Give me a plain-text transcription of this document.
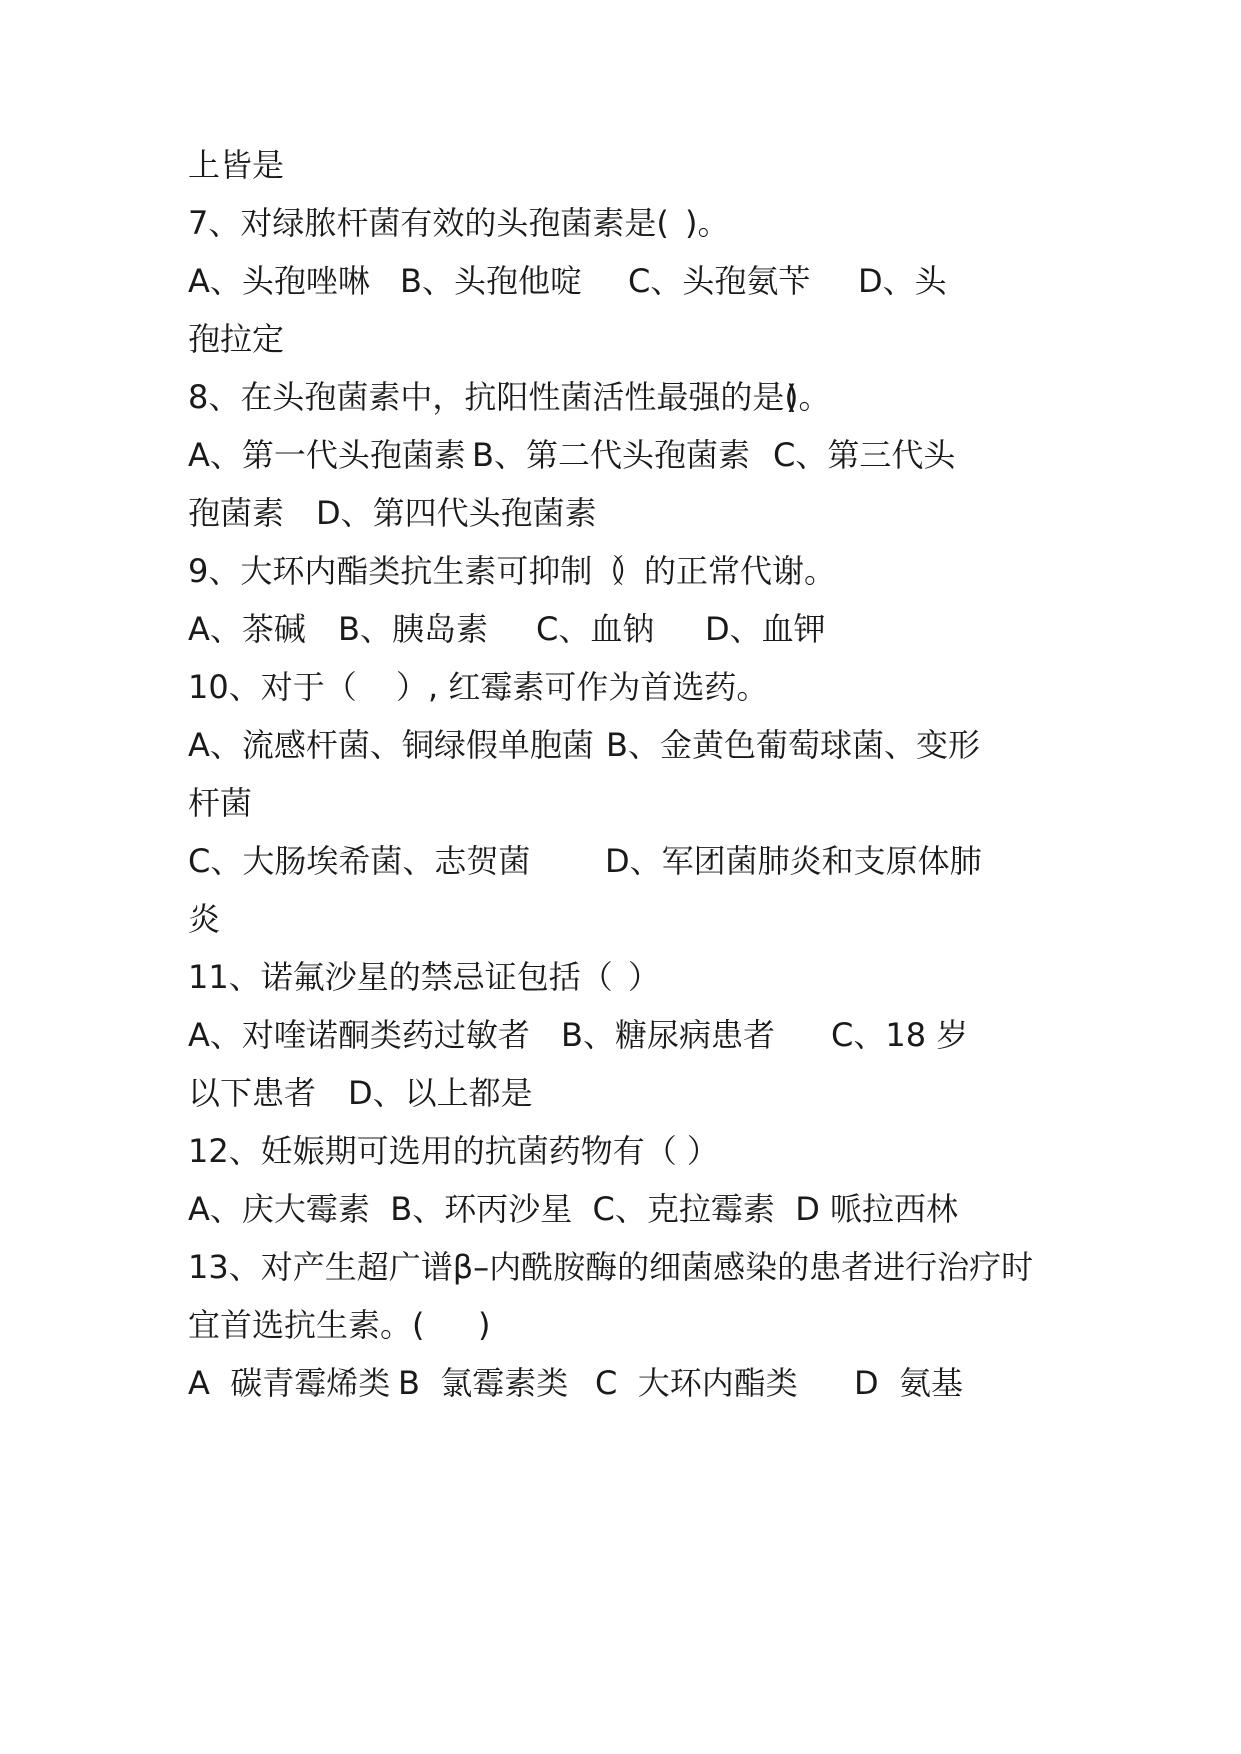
上皆是

7、对绿脓杆菌有效的头孢菌素是(

)。

A、头孢唑啉

B、头孢他啶

C、头孢氨苄

D、头

孢拉定

8、在头孢菌素中，抗阳性菌活性最强的是(

)。

A、第一代头孢菌素

B、第二代头孢菌素

C、第三代头

孢菌素

D、第四代头孢菌素

9、大环内酯类抗生素可抑制（

）的正常代谢。

A、茶碱

B、胰岛素

C、血钠

D、血钾

10、对于（

）, 红霉素可作为首选药。

A、流感杆菌、铜绿假单胞菌

B、金黄色葡萄球菌、变形

杆菌

C、大肠埃希菌、志贺菌

D、军团菌肺炎和支原体肺

炎

11、诺氟沙星的禁忌证包括（

）

A、对喹诺酮类药过敏者

B、糖尿病患者

C、18 岁

以下患者

D、以上都是

12、妊娠期可选用的抗菌药物有（ ）

A、庆大霉素  B、环丙沙星  C、克拉霉素  D 哌拉西林

13、对产生超广谱β–内酰胺酶的细菌感染的患者进行治疗时

宜首选抗生素。(

)

A  碳青霉烯类

B  氯霉素类

C  大环内酯类

D  氨基
